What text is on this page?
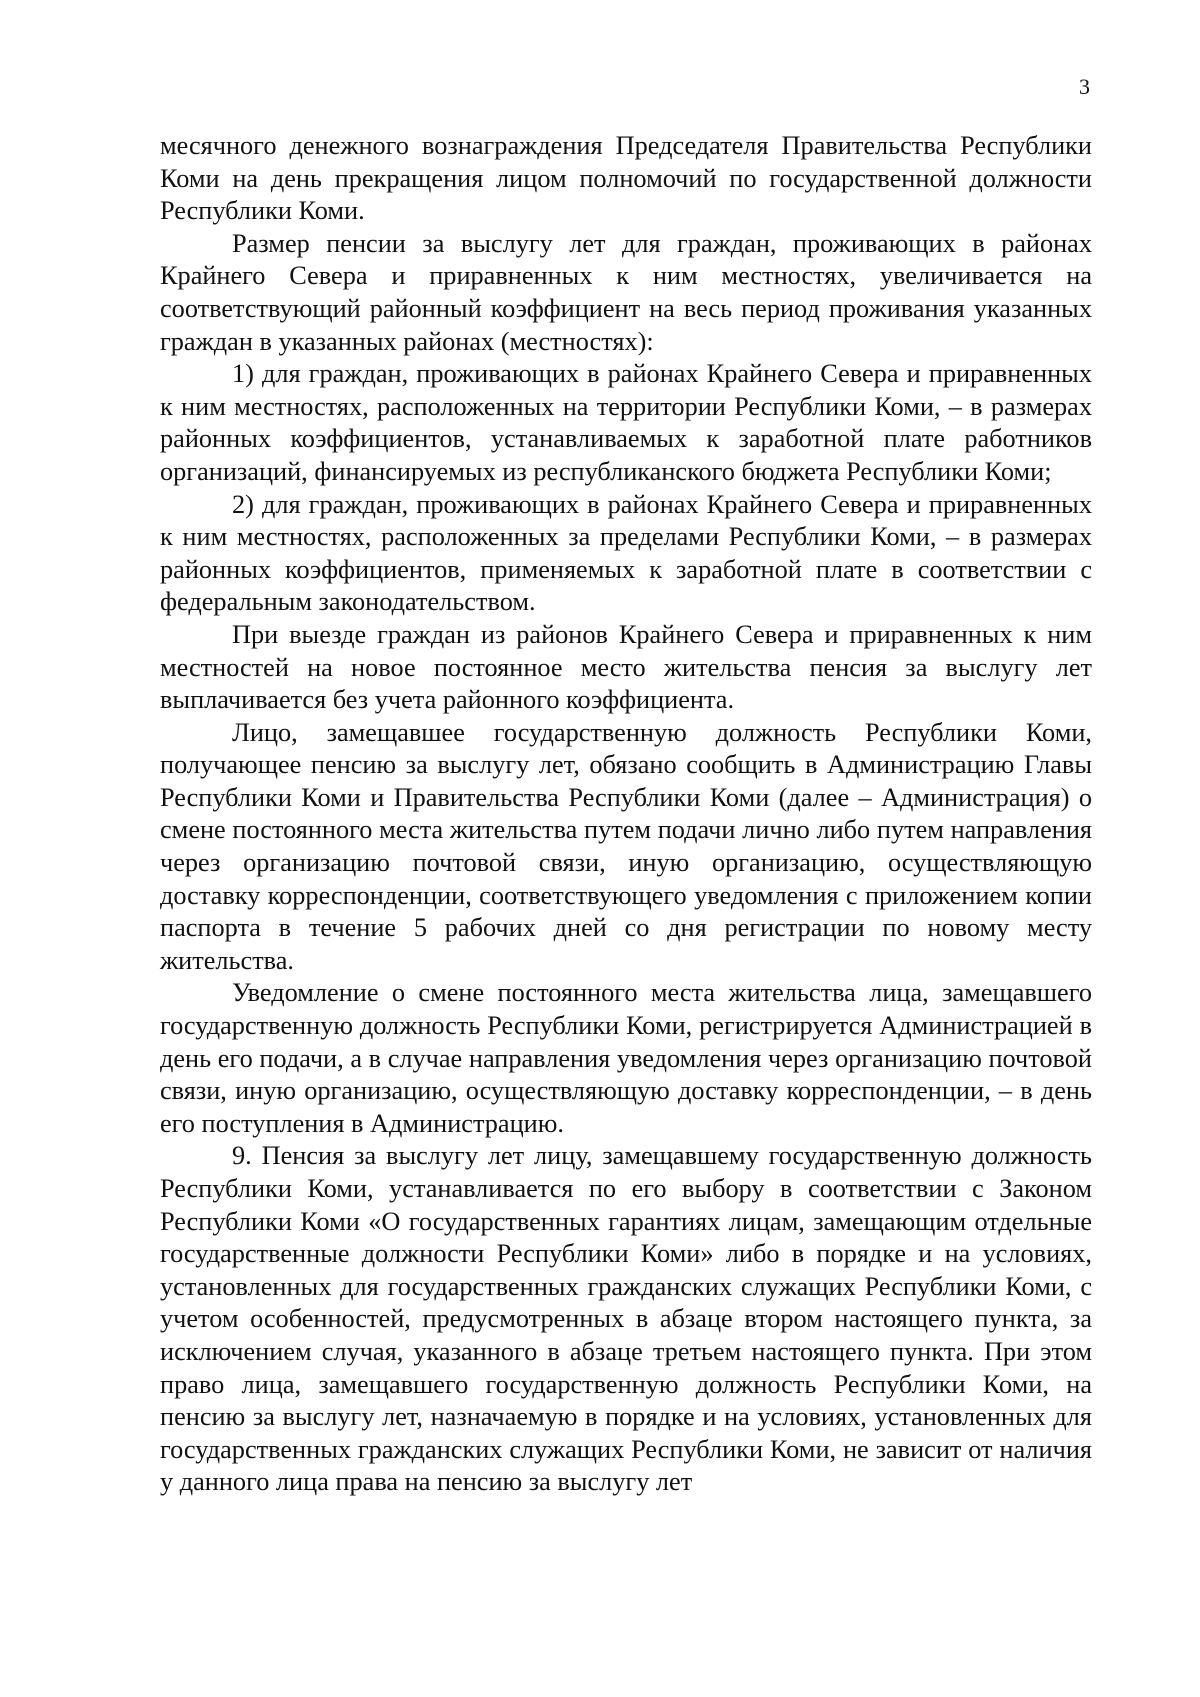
3

месячного денежного вознаграждения Председателя Правительства Республики Коми на день прекращения лицом полномочий по государственной должности Республики Коми.

Размер пенсии за выслугу лет для граждан, проживающих в районах Крайнего Севера и приравненных к ним местностях, увеличивается на соответствующий районный коэффициент на весь период проживания указанных граждан в указанных районах (местностях):

1) для граждан, проживающих в районах Крайнего Севера и приравненных к ним местностях, расположенных на территории Республики Коми, – в размерах районных коэффициентов, устанавливаемых к заработной плате работников организаций, финансируемых из республиканского бюджета Республики Коми;

2) для граждан, проживающих в районах Крайнего Севера и приравненных к ним местностях, расположенных за пределами Республики Коми, – в размерах районных коэффициентов, применяемых к заработной плате в соответствии с федеральным законодательством.

При выезде граждан из районов Крайнего Севера и приравненных к ним местностей на новое постоянное место жительства пенсия за выслугу лет выплачивается без учета районного коэффициента.

Лицо, замещавшее государственную должность Республики Коми, получающее пенсию за выслугу лет, обязано сообщить в Администрацию Главы Республики Коми и Правительства Республики Коми (далее – Администрация) о смене постоянного места жительства путем подачи лично либо путем направления через организацию почтовой связи, иную организацию, осуществляющую доставку корреспонденции, соответствующего уведомления с приложением копии паспорта в течение 5 рабочих дней со дня регистрации по новому месту жительства.

Уведомление о смене постоянного места жительства лица, замещавшего государственную должность Республики Коми, регистрируется Администрацией в день его подачи, а в случае направления уведомления через организацию почтовой связи, иную организацию, осуществляющую доставку корреспонденции, – в день его поступления в Администрацию.

9. Пенсия за выслугу лет лицу, замещавшему государственную должность Республики Коми, устанавливается по его выбору в соответствии с Законом Республики Коми «О государственных гарантиях лицам, замещающим отдельные государственные должности Республики Коми» либо в порядке и на условиях, установленных для государственных гражданских служащих Республики Коми, с учетом особенностей, предусмотренных в абзаце втором настоящего пункта, за исключением случая, указанного в абзаце третьем настоящего пункта. При этом право лица, замещавшего государственную должность Республики Коми, на пенсию за выслугу лет, назначаемую в порядке и на условиях, установленных для государственных гражданских служащих Республики Коми, не зависит от наличия у данного лица права на пенсию за выслугу лет
